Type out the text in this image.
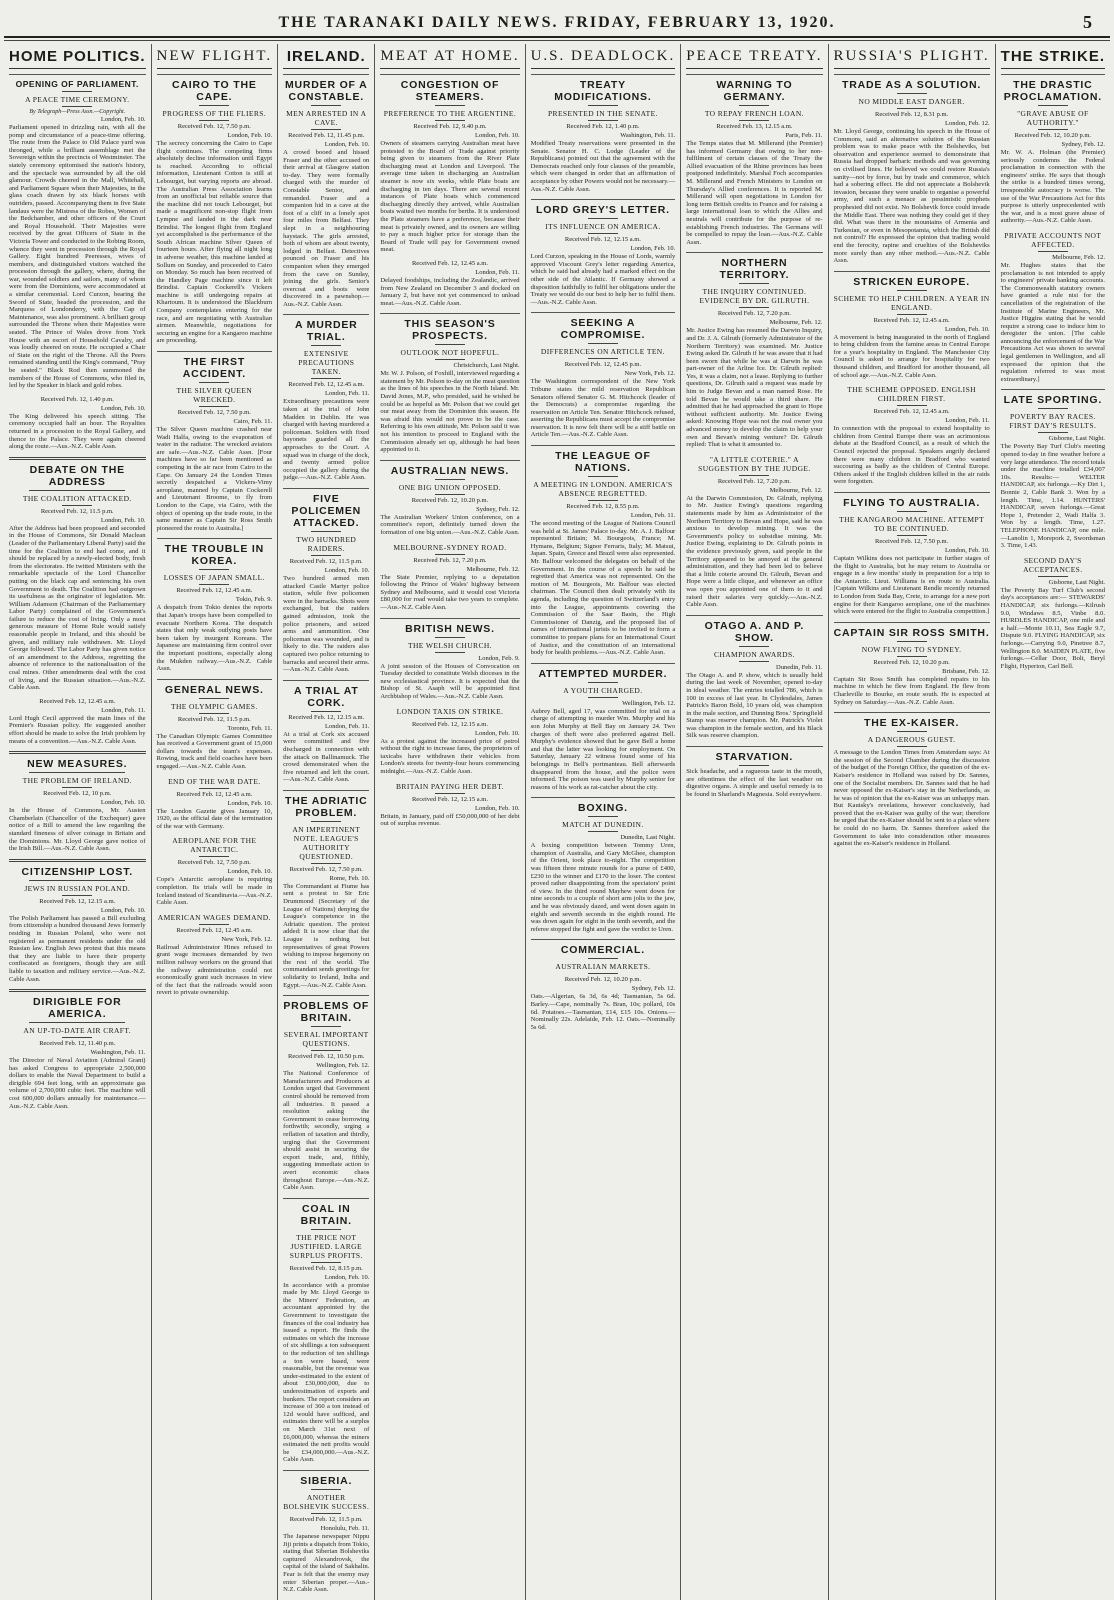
THE TARANAKI DAILY NEWS. FRIDAY, FEBRUARY 13, 1920.	5
HOME POLITICS.
OPENING OF PARLIAMENT.
A PEACE TIME CEREMONY.
By Telegraph—Press Assn.—Copyright.
London, Feb. 10.

Parliament opened in drizzling rain, with all the pomp and circumstance of a peace-time offering. The route from the Palace to Old Palace yard was thronged, while a brilliant assemblage met the Sovereign within the precincts of Westminster. The stately ceremony epitomised the nation's history, and the spectacle was surrounded by all the old glamour. Crowds cheered in the Mall, Whitehall, and Parliament Square when their Majesties, in the glass coach drawn by six black horses with outriders, passed. Accompanying them in five State landaus were the Mistress of the Robes, Women of the Bedchamber, and other officers of the Court and Royal Household. Their Majesties were received by the great Officers of State in the Victoria Tower and conducted to the Robing Room, whence they went in procession through the Royal Gallery. Eight hundred Peeresses, wives of members, and distinguished visitors watched the procession through the gallery, where, during the war, wounded soldiers and sailors, many of whom were from the Dominions, were accommodated at a similar ceremonial. Lord Curzon, bearing the Sword of State, headed the procession, and the Marquess of Londonderry, with the Cap of Maintenance, was also prominent. A brilliant group surrounded the Throne when their Majesties were seated. The Prince of Wales drove from York House with an escort of Household Cavalry, and was loudly cheered on route. He occupied a Chair of State on the right of the Throne. All the Peers remained standing until the King's command, "Pray be seated." Black Rod then summoned the members of the House of Commons, who filed in, led by the Speaker in black and gold robes.

Received Feb. 12, 1.40 p.m.
London, Feb. 10.

The King delivered his speech sitting. The ceremony occupied half an hour. The Royalties returned in a procession to the Royal Gallery, and thence to the Palace. They were again cheered along the route.—Aus.-N.Z. Cable Assn.

DEBATE ON THE ADDRESS
THE COALITION ATTACKED.
Received Feb. 12, 11.5 p.m.
London, Feb. 10.

After the Address had been proposed and seconded in the House of Commons, Sir Donald Maclean (Leader of the Parliamentary Liberal Party) said the time for the Coalition to end had come, and it should be replaced by a newly-elected body, fresh from the electorates. He twitted Ministers with the remarkable spectacle of the Lord Chancellor putting on the black cap and sentencing his own Government to death. The Coalition had outgrown its usefulness as the originator of legislation. Mr. William Adamson (Chairman of the Parliamentary Labor Party) complained of the Government's failure to reduce the cost of living. Only a most generous measure of Home Rule would satisfy reasonable people in Ireland, and this should be given, and military rule withdrawn. Mr. Lloyd George followed. The Labor Party has given notice of an amendment to the Address, regretting the absence of reference to the nationalisation of the coal mines. Other amendments deal with the cost of living, and the Russian situation.—Aus.-N.Z. Cable Assn.

Received Feb. 12, 12.45 a.m.
London, Feb. 11.

Lord Hugh Cecil approved the main lines of the Premier's Russian policy. He suggested another effort should be made to solve the Irish problem by means of a convention.—Aus.-N.Z. Cable Assn.

NEW MEASURES.
THE PROBLEM OF IRELAND.
Received Feb. 12, 10 p.m.
London, Feb. 10.

In the House of Commons, Mr. Austen Chamberlain (Chancellor of the Exchequer) gave notice of a Bill to amend the law regarding the standard fineness of silver coinage in Britain and the Dominions. Mr. Lloyd George gave notice of the Irish Bill.—Aus.-N.Z. Cable Assn.

CITIZENSHIP LOST.
JEWS IN RUSSIAN POLAND.
Received Feb. 12, 12.15 a.m.
London, Feb. 10.

The Polish Parliament has passed a Bill excluding from citizenship a hundred thousand Jews formerly residing in Russian Poland, who were not registered as permanent residents under the old Russian law. English Jews protest that this means that they are liable to have their property confiscated as foreigners, though they are still liable to taxation and military service.—Aus.-N.Z. Cable Assn.

DIRIGIBLE FOR AMERICA.
AN UP-TO-DATE AIR CRAFT.
Received Feb. 12, 11.40 p.m.
Washington, Feb. 11.

The Director of Naval Aviation (Admiral Grant) has asked Congress to appropriate 2,500,000 dollars to enable the Naval Department to build a dirigible 694 feet long, with an approximate gas volume of 2,700,000 cubic feet. The machine will cost 600,000 dollars annually for maintenance.—Aus.-N.Z. Cable Assn.

NEW FLIGHT.
CAIRO TO THE CAPE.
PROGRESS OF THE FLIERS.
Received Feb. 12, 7.50 p.m.
London, Feb. 10.

The secrecy concerning the Cairo to Cape flight continues. The competing firms absolutely decline information until Egypt is reached. According to official information, Lieutenant Cotton is still at Lebourget, but varying reports are abroad. The Australian Press Association learns from an unofficial but reliable source that the machine did not touch Lebourget, but made a magnificent non-stop flight from Lympne and landed in the dark near Brindisi. The longest flight from England yet accomplished is the performance of the South African machine Silver Queen of fourteen hours. After flying all night long in adverse weather, this machine landed at Sollum on Sunday, and proceeded to Cairo on Monday. So much has been received of the Handley Page machine since it left Brindisi. Captain Cockerell's Vickers machine is still undergoing repairs at Khartoum. It is understood the Blackburn Company contemplates entering for the race, and are negotiating with Australian airmen. Meanwhile, negotiations for securing an engine for a Kangaroo machine are proceeding.

THE FIRST ACCIDENT.
THE SILVER QUEEN WRECKED.
Received Feb. 12, 7.50 p.m.
Cairo, Feb. 11.

The Silver Queen machine crashed near Wadi Halfa, owing to the evaporation of water in the radiator. The wrecked aviators are safe.—Aus.-N.Z. Cable Assn. [Four machines have so far been mentioned as competing in the air race from Cairo to the Cape. On January 24 the London Times secretly despatched a Vickers-Vimy aeroplane, manned by Captain Cockerell and Lieutenant Broome, to fly from London to the Cape, via Cairo, with the object of opening up the trade route, in the same manner as Captain Sir Ross Smith pioneered the route to Australia.]

THE TROUBLE IN KOREA.
LOSSES OF JAPAN SMALL.
Received Feb. 12, 12.45 a.m.
Tokio, Feb. 9.

A despatch from Tokio denies the reports that Japan's troops have been compelled to evacuate Northern Korea. The despatch states that only weak outlying posts have been taken by insurgent Koreans. The Japanese are maintaining firm control over the important positions, especially along the Mukden railway.—Aus.-N.Z. Cable Assn.

GENERAL NEWS.
THE OLYMPIC GAMES.
Received Feb. 12, 11.5 p.m.
Toronto, Feb. 11.

The Canadian Olympic Games Committee has received a Government grant of 15,000 dollars towards the team's expenses. Rowing, track and field coaches have been engaged.—Aus.-N.Z. Cable Assn.

END OF THE WAR DATE.
Received Feb. 12, 12.45 a.m.
London, Feb. 10.

The London Gazette gives January 10, 1920, as the official date of the termination of the war with Germany.

AEROPLANE FOR THE ANTARCTIC.
Received Feb. 12, 7.50 p.m.
London, Feb. 10.

Cope's Antarctic aeroplane is requiring completion. Its trials will be made in Iceland instead of Scandinavia.—Aus.-N.Z. Cable Assn.

AMERICAN WAGES DEMAND.
Received Feb. 12, 12.45 a.m.
New York, Feb. 12.

Railroad Administrator Hines refused to grant wage increases demanded by two million railway workers on the ground that the railway administration could not economically grant such increases in view of the fact that the railroads would soon revert to private ownership.

IRELAND.
MURDER OF A CONSTABLE.
MEN ARRESTED IN A CAVE.
Received Feb. 12, 11.45 p.m.
London, Feb. 10.

A crowd booed and hissed Fraser and the other accused on their arrival at Glasgow station to-day. They were formally charged with the murder of Constable Senior, and remanded. Fraser and a companion hid in a cave at the foot of a cliff in a lonely spot four miles from Belfast. They slept in a neighbouring haystack. The girls arrested, both of whom are about twenty, lodged in Belfast. Detectives pounced on Fraser and his companion when they emerged from the cave on Sunday, joining the girls. Senior's overcoat and boots were discovered in a pawnshop.—Aus.-N.Z. Cable Assn.

A MURDER TRIAL.
EXTENSIVE PRECAUTIONS TAKEN.
Received Feb. 12, 12.45 a.m.
London, Feb. 11.

Extraordinary precautions were taken at the trial of John Madden in Dublin. He was charged with having murdered a policeman. Soldiers with fixed bayonets guarded all the approaches to the Court. A squad was in charge of the dock, and twenty armed police occupied the gallery during the judge.—Aus.-N.Z. Cable Assn.

FIVE POLICEMEN ATTACKED.
TWO HUNDRED RAIDERS.
Received Feb. 12, 11.5 p.m.
London, Feb. 10.

Two hundred armed men attacked Castle Martyr police station, while five policemen were in the barracks. Shots were exchanged, but the raiders gained admission, took the police prisoners, and seized arms and ammunition. One policeman was wounded, and is likely to die. The raiders also captured two police returning to barracks and secured their arms.—Aus.-N.Z. Cable Assn.

A TRIAL AT CORK.
Received Feb. 12, 12.15 a.m.
London, Feb. 11.

At a trial at Cork six accused were committed and five discharged in connection with the attack on Ballinamuck. The crowd demonstrated when the five returned and left the court.—Aus.-N.Z. Cable Assn.

THE ADRIATIC PROBLEM.
AN IMPERTINENT NOTE. LEAGUE'S AUTHORITY QUESTIONED.
Received Feb. 12, 7.50 p.m.
Rome, Feb. 10.

The Commandant at Fiume has sent a protest to Sir Eric Drummond (Secretary of the League of Nations) denying the League's competence in the Adriatic question. The protest added: It is now clear that the League is nothing but representatives of great Powers wishing to impose hegemony on the rest of the world. The commandant sends greetings for solidarity to Ireland, India and Egypt.—Aus.-N.Z. Cable Assn.

PROBLEMS OF BRITAIN.
SEVERAL IMPORTANT QUESTIONS.
Received Feb. 12, 10.50 p.m.
Wellington, Feb. 12.

The National Conference of Manufacturers and Producers at London urged that Government control should be removed from all industries. It passed a resolution asking the Government to cease borrowing forthwith; secondly, urging a reflation of taxation and thirdly, urging that the Government should assist in securing the export trade, and, fifthly, suggesting immediate action to avert economic chaos throughout Europe.—Aus.-N.Z. Cable Assn.

COAL IN BRITAIN.
THE PRICE NOT JUSTIFIED. LARGE SURPLUS PROFITS.
Received Feb. 12, 8.15 p.m.
London, Feb. 10.

In accordance with a promise made by Mr. Lloyd George to the Miners' Federation, an accountant appointed by the Government to investigate the finances of the coal industry has issued a report. He finds the estimates on which the increase of six shillings a ton subsequent to the reduction of ten shillings a ton were based, were reasonable, but the revenue was under-estimated to the extent of about £30,000,000, due to underestimation of exports and bunkers. The report considers an increase of 360 a ton instead of 12d would have sufficed, and estimates there will be a surplus on March 31st next of £6,000,000, whereas the miners estimated the nett profits would be £34,000,000.—Aus.-N.Z. Cable Assn.

SIBERIA.
ANOTHER BOLSHEVIK SUCCESS.
Received Feb. 12, 11.5 p.m.
Honolulu, Feb. 11.

The Japanese newspaper Nippu Jiji prints a dispatch from Tokio, stating that Siberian Bolsheviks captured Alexandrovsk, the capital of the island of Sakhalin. Fear is felt that the enemy may enter Siberian proper.—Aus.-N.Z. Cable Assn.

MEAT AT HOME.
CONGESTION OF STEAMERS.
PREFERENCE TO THE ARGENTINE.
Received Feb. 12, 9.40 p.m.
London, Feb. 10.

Owners of steamers carrying Australian meat have protested to the Board of Trade against priority being given to steamers from the River Plate discharging meat at London and Liverpool. The average time taken in discharging an Australian steamer is now six weeks, while Plate boats are discharging in ten days. There are several recent instances of Plate boats which commenced discharging directly they arrived, while Australian boats waited two months for berths. It is understood the Plate steamers have a preference, because their meat is privately owned, and its owners are willing to pay a much higher price for storage than the Board of Trade will pay for Government owned meat.

Received Feb. 12, 12.45 a.m.
London, Feb. 11.

Delayed foodships, including the Zealandic, arrived from New Zealand on December 3 and docked on January 2, but have not yet commenced to unload meat.—Aus.-N.Z. Cable Assn.

THIS SEASON'S PROSPECTS.
OUTLOOK NOT HOPEFUL.
Christchurch, Last Night.

Mr. W. J. Polson, of Foxhill, interviewed regarding a statement by Mr. Polson to-day on the meat question as the lines of his speeches in the North Island. Mr. David Jones, M.P., who presided, said he wished he could be as hopeful as Mr. Polson that we could get our meat away from the Dominion this season. He was afraid this would not prove to be the case. Referring to his own attitude, Mr. Polson said it was not his intention to proceed to England with the Commission already set up, although he had been appointed to it.

AUSTRALIAN NEWS.
ONE BIG UNION OPPOSED.
Received Feb. 12, 10.20 p.m.
Sydney, Feb. 12.

The Australian Workers' Union conference, on a committee's report, definitely turned down the formation of one big union.—Aus.-N.Z. Cable Assn.

MELBOURNE-SYDNEY ROAD.
Received Feb. 12, 7.20 p.m.
Melbourne, Feb. 12.

The State Premier, replying to a deputation following the Prince of Wales' highway between Sydney and Melbourne, said it would cost Victoria £80,000 for road would take two years to complete.—Aus.-N.Z. Cable Assn.

BRITISH NEWS.
THE WELSH CHURCH.
London, Feb. 9.

A joint session of the Houses of Convocation on Tuesday decided to constitute Welsh dioceses in the new ecclesiastical province. It is expected that the Bishop of St. Asaph will be appointed first Archbishop of Wales.—Aus.-N.Z. Cable Assn.

LONDON TAXIS ON STRIKE.
Received Feb. 12, 12.15 a.m.
London, Feb. 10.

As a protest against the increased price of petrol without the right to increase fares, the proprietors of taxicabs have withdrawn their vehicles from London's streets for twenty-four hours commencing midnight.—Aus.-N.Z. Cable Assn.

BRITAIN PAYING HER DEBT.
Received Feb. 12, 12.15 a.m.
London, Feb. 10.

Britain, in January, paid off £50,000,000 of her debt out of surplus revenue.

U.S. DEADLOCK.
TREATY MODIFICATIONS.
PRESENTED IN THE SENATE.
Received Feb. 12, 1.40 p.m.
Washington, Feb. 11.

Modified Treaty reservations were presented in the Senate. Senator H. C. Lodge (Leader of the Republicans) pointed out that the agreement with the Democrats reached only four clauses of the preamble, which were changed in order that an affirmation of acceptance by other Powers would not be necessary.—Aus.-N.Z. Cable Assn.

LORD GREY'S LETTER.
ITS INFLUENCE ON AMERICA.
Received Feb. 12, 12.15 a.m.
London, Feb. 10.

Lord Curzon, speaking in the House of Lords, warmly approved Viscount Grey's letter regarding America, which he said had already had a marked effect on the other side of the Atlantic. If Germany showed a disposition faithfully to fulfil her obligations under the Treaty we would do our best to help her to fulfil them.—Aus.-N.Z. Cable Assn.

SEEKING A COMPROMISE.
DIFFERENCES ON ARTICLE TEN.
Received Feb. 12, 12.45 p.m.
New York, Feb. 12.

The Washington correspondent of the New York Tribune states the mild reservation Republican Senators offered Senator G. M. Hitchcock (leader of the Democrats) a compromise regarding the reservation on Article Ten. Senator Hitchcock refused, asserting the Republicans must accept the compromise reservation. It is now felt there will be a stiff battle on Article Ten.—Aus.-N.Z. Cable Assn.

THE LEAGUE OF NATIONS.
A MEETING IN LONDON. AMERICA'S ABSENCE REGRETTED.
Received Feb. 12, 8.55 p.m.
London, Feb. 11.

The second meeting of the League of Nations Council was held at St. James' Palace to-day. Mr. A. J. Balfour represented Britain; M. Bourgeois, France; M. Hymans, Belgium; Signor Ferraris, Italy; M. Matsui, Japan. Spain, Greece and Brazil were also represented. Mr. Balfour welcomed the delegates on behalf of the Government. In the course of a speech he said he regretted that America was not represented. On the motion of M. Bourgeois, Mr. Balfour was elected chairman. The Council then dealt privately with its agenda, including the question of Switzerland's entry into the League, appointments covering the Commission of the Saar Basin, the High Commissioner of Danzig, and the proposed list of names of international jurists to be invited to form a committee to prepare plans for an International Court of Justice, and the constitution of an international body for health problems.—Aus.-N.Z. Cable Assn.

ATTEMPTED MURDER.
A YOUTH CHARGED.
Wellington, Feb. 12.

Aubrey Bell, aged 17, was committed for trial on a charge of attempting to murder Wm. Murphy and his son John Murphy at Bell Bay on January 24. Two charges of theft were also preferred against Bell. Murphy's evidence showed that he gave Bell a home and that the latter was looking for employment. On Saturday, January 22 witness found some of his belongings in Bell's portmanteau. Bell afterwards disappeared from the house, and the police were informed. The poison was used by Murphy senior for reasons of his work as rat-catcher about the city.

BOXING.
MATCH AT DUNEDIN.
Dunedin, Last Night.

A boxing competition between Tommy Uren, champion of Australia, and Gary McGhee, champion of the Orient, took place to-night. The competition was fifteen three minute rounds for a purse of £400, £230 to the winner and £170 to the loser. The contest proved rather disappointing from the spectators' point of view. In the third round Mayhew went down for nine seconds to a couple of short arm jolts to the jaw, and he was obviously dazed, and went down again in eighth and seventh seconds in the eighth round. He was down again for eight in the tenth seventh, and the referee stopped the fight and gave the verdict to Uren.

COMMERCIAL.
AUSTRALIAN MARKETS.
Received Feb. 12, 10.20 p.m.
Sydney, Feb. 12.

Oats.—Algerian, 6s 3d, 6s 4d; Tasmanian, 5s 6d. Barley.—Cape, nominally 7s. Bran, 10s; pollard, 10s 6d. Potatoes.—Tasmanian, £14, £15 10s. Onions.—Nominally 22s. Adelaide, Feb. 12. Oats.—Nominally 5s 6d.

PEACE TREATY.
WARNING TO GERMANY.
TO REPAY FRENCH LOAN.
Received Feb. 13, 12.15 a.m.
Paris, Feb. 11.

The Temps states that M. Millerand (the Premier) has informed Germany that owing to her non-fulfilment of certain clauses of the Treaty the Allied evacuation of the Rhine provinces has been postponed indefinitely. Marshal Foch accompanies M. Millerand and French Ministers to London on Thursday's Allied conferences. It is reported M. Millerand will open negotiations in London for long term British credits to France and for raising a large international loan to which the Allies and neutrals will contribute for the purpose of re-establishing French industries. The Germans will be compelled to repay the loan.—Aus.-N.Z. Cable Assn.

NORTHERN TERRITORY.
THE INQUIRY CONTINUED. EVIDENCE BY DR. GILRUTH.
Received Feb. 12, 7.20 p.m.
Melbourne, Feb. 12.

Mr. Justice Ewing has resumed the Darwin Inquiry, and Dr. J. A. Gilruth (formerly Administrator of the Northern Territory) was examined. Mr. Justice Ewing asked Dr. Gilruth if he was aware that it had been sworn that while he was at Darwin he was part-owner of the Arline Ice. Dr. Gilruth replied: Yes, it was a claim, not a lease. Replying to further questions, Dr. Gilruth said a request was made by him to Judge Bevan and a man named Rose. He told Bevan he would take a third share. He admitted that he had approached the grant to Hope without sufficient authority. Mr. Justice Ewing asked: Knowing Hope was not the real owner you advanced money to develop the claim to help your own and Bevan's mining venture? Dr. Gilruth replied: That is what it amounted to.

"A LITTLE COTERIE." A SUGGESTION BY THE JUDGE.
Received Feb. 12, 7.20 p.m.
Melbourne, Feb. 12.

At the Darwin Commission, Dr. Gilruth, replying to Mr. Justice Ewing's questions regarding statements made by him as Administrator of the Northern Territory to Bevan and Hope, said he was anxious to develop mining. It was the Government's policy to subsidise mining. Mr. Justice Ewing, explaining to Dr. Gilruth points in the evidence previously given, said people in the Territory appeared to be annoyed at the general administration, and they had been led to believe that a little coterie around Dr. Gilruth, Bevan and Hope were a little clique, and whenever an office was open you appointed one of them to it and raised their salaries very quickly.—Aus.-N.Z. Cable Assn.

OTAGO A. AND P. SHOW.
CHAMPION AWARDS.
Dunedin, Feb. 11.

The Otago A. and P. show, which is usually held during the last week of November, opened to-day in ideal weather. The entries totalled 786, which is 100 in excess of last year. In Clydesdales, James Patrick's Baron Bold, 10 years old, was champion in the male section, and Dunning Bros.' Springfield Stamp was reserve champion. Mr. Patrick's Violet was champion in the female section, and his Black Silk was reserve champion.

STARVATION.

Sick headache, and a ragueous taste in the mouth, are oftentimes the effect of the last weather on digestive organs. A simple and useful remedy is to be found in Sharland's Magnesia. Sold everywhere.

RUSSIA'S PLIGHT.
TRADE AS A SOLUTION.
NO MIDDLE EAST DANGER.
Received Feb. 12, 8.31 p.m.
London, Feb. 12.

Mr. Lloyd George, continuing his speech in the House of Commons, said an alternative solution of the Russian problem was to make peace with the Bolsheviks, but observation and experience seemed to demonstrate that Russia had dropped barbaric methods and was governing on civilised lines. He believed we could restore Russia's sanity—not by force, but by trade and commerce, which had a sobering effect. He did not appreciate a Bolshevik invasion, because they were unable to organise a powerful army, and such a menace as pessimistic prophets prophesied did not exist. No Bolshevik force could invade the Middle East. There was nothing they could get if they did. What was there in the mountains of Armenia and Turkestan, or even in Mesopotamia, which the British did not control? He expressed the opinion that trading would end the ferocity, rapine and cruelties of the Bolsheviks more surely than any other method.—Aus.-N.Z. Cable Assn.

STRICKEN EUROPE.
SCHEME TO HELP CHILDREN. A YEAR IN ENGLAND.
Received Feb. 12, 12.45 a.m.
London, Feb. 10.

A movement is being inaugurated in the north of England to bring children from the famine areas in Central Europe for a year's hospitality in England. The Manchester City Council is asked to arrange for hospitality for two thousand children, and Bradford for another thousand, all of school age.—Aus.-N.Z. Cable Assn.

THE SCHEME OPPOSED. ENGLISH CHILDREN FIRST.
Received Feb. 12, 12.45 a.m.
London, Feb. 11.

In connection with the proposal to extend hospitality to children from Central Europe there was an acrimonious debate at the Bradford Council, as a result of which the Council rejected the proposal. Speakers angrily declared there were many children in Bradford who wanted succouring as badly as the children of Central Europe. Others asked if the English children killed in the air raids were forgotten.

FLYING TO AUSTRALIA.
THE KANGAROO MACHINE. ATTEMPT TO BE CONTINUED.
Received Feb. 12, 7.50 p.m.
London, Feb. 10.

Captain Wilkins does not participate in further stages of the flight to Australia, but he may return to Australia or engage in a few months' study in preparation for a trip to the Antarctic. Lieut. Williams is en route to Australia. [Captain Wilkins and Lieutenant Rendle recently returned to London from Suda Bay, Crete, to arrange for a new port engine for their Kangaroo aeroplane, one of the machines which were entered for the flight to Australia competition.]

CAPTAIN SIR ROSS SMITH.
NOW FLYING TO SYDNEY.
Received Feb. 12, 10.20 p.m.
Brisbane, Feb. 12.

Captain Sir Ross Smith has completed repairs to his machine in which he flew from England. He flew from Charleville to Bourke, en route south. He is expected at Sydney on Saturday.—Aus.-N.Z. Cable Assn.

THE EX-KAISER.
A DANGEROUS GUEST.

A message to the London Times from Amsterdam says: At the session of the Second Chamber during the discussion of the budget of the Foreign Office, the question of the ex-Kaiser's residence in Holland was raised by Dr. Sannes, one of the Socialist members. Dr. Sannes said that he had never opposed the ex-Kaiser's stay in the Netherlands, as he was of opinion that the ex-Kaiser was an unhappy man. But Kautsky's revelations, however conclusively, had proved that the ex-Kaiser was guilty of the war; therefore he urged that the ex-Kaiser should be sent to a place where he could do no harm. Dr. Sannes therefore asked the Government to take into consideration other measures against the ex-Kaiser's residence in Holland.

THE STRIKE.
THE DRASTIC PROCLAMATION.
"GRAVE ABUSE OF AUTHORITY."
Received Feb. 12, 10.20 p.m.
Sydney, Feb. 12.

Mr. W. A. Holman (the Premier) seriously condemns the Federal proclamation in connection with the engineers' strike. He says that though the strike is a hundred times wrong, irresponsible autocracy is worse. The use of the War Precautions Act for this purpose is utterly unprecedented with the war, and is a most grave abuse of authority.—Aus.-N.Z. Cable Assn.

PRIVATE ACCOUNTS NOT AFFECTED.
Melbourne, Feb. 12.

Mr. Hughes states that the proclamation is not intended to apply to engineers' private banking accounts. The Commonwealth statutory owners have granted a rule nisi for the cancellation of the registration of the Institute of Marine Engineers, Mr. Justice Higgins stating that he would require a strong case to induce him to deregister the union. [The cable announcing the enforcement of the War Precautions Act was shown to several legal gentlemen in Wellington, and all expressed the opinion that the regulation referred to was most extraordinary.]

LATE SPORTING.
POVERTY BAY RACES. FIRST DAY'S RESULTS.
Gisborne, Last Night.

The Poverty Bay Turf Club's meeting opened to-day in fine weather before a very large attendance. The record totals under the machine totalled £34,007 10s. Results:— WELTER HANDICAP, six furlongs.—Ky Dirt 1, Bonnie 2, Cable Bank 3. Won by a length. Time, 1.14. HUNTERS' HANDICAP, seven furlongs.—Great Hope 1, Pretender 2, Wadi Halfa 3. Won by a length. Time, 1.27. TELEPHONE HANDICAP, one mile.—Lanolin 1, Morepork 2, Swordsman 3. Time, 1.43.

SECOND DAY'S ACCEPTANCES.
Gisborne, Last Night.

The Poverty Bay Turf Club's second day's acceptances are:— STEWARDS' HANDICAP, six furlongs.—Kilrush 9.0, Windaws 8.5, Vinbe 8.0. HURDLES HANDICAP, one mile and a half.—Monte 10.11, Sea Eagle 9.7, Dispute 9.0. FLYING HANDICAP, six furlongs.—Carrying 9.0, Pinetree 8.7, Wellington 8.0. MAIDEN PLATE, five furlongs.—Cellar Door, Bolt, Beryl Flight, Hyperion, Carl Bell.
